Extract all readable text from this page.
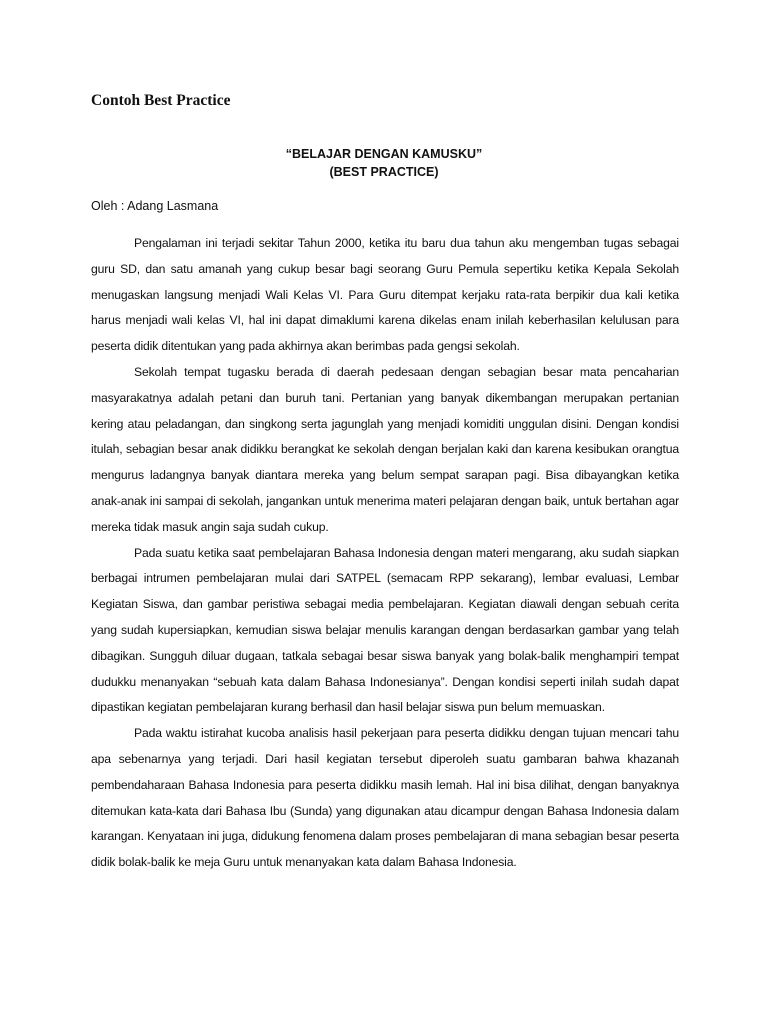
Contoh Best Practice
“BELAJAR DENGAN KAMUSKU”
(BEST PRACTICE)
Oleh : Adang Lasmana

Pengalaman ini terjadi sekitar Tahun 2000, ketika itu baru dua tahun aku mengemban tugas sebagai guru SD, dan satu amanah yang cukup besar bagi seorang Guru Pemula sepertiku ketika Kepala Sekolah menugaskan langsung menjadi Wali Kelas VI. Para Guru ditempat kerjaku rata-rata berpikir dua kali ketika harus menjadi wali kelas VI, hal ini dapat dimaklumi karena dikelas enam inilah keberhasilan kelulusan para peserta didik ditentukan yang pada akhirnya akan berimbas pada gengsi sekolah.

Sekolah tempat tugasku berada di daerah pedesaan dengan sebagian besar mata pencaharian masyarakatnya adalah petani dan buruh tani. Pertanian yang banyak dikembangan merupakan pertanian kering atau peladangan, dan singkong serta jagunglah yang menjadi komiditi unggulan disini. Dengan kondisi itulah, sebagian besar anak didikku berangkat ke sekolah dengan berjalan kaki dan karena kesibukan orangtua mengurus ladangnya banyak diantara mereka yang belum sempat sarapan pagi. Bisa dibayangkan ketika anak-anak ini sampai di sekolah, jangankan untuk menerima materi pelajaran dengan baik, untuk bertahan agar mereka tidak masuk angin saja sudah cukup.

Pada suatu ketika saat pembelajaran Bahasa Indonesia dengan materi mengarang, aku sudah siapkan berbagai intrumen pembelajaran mulai dari SATPEL (semacam RPP sekarang), lembar evaluasi, Lembar Kegiatan Siswa, dan gambar peristiwa sebagai media pembelajaran. Kegiatan diawali dengan sebuah cerita yang sudah kupersiapkan, kemudian siswa belajar menulis karangan dengan berdasarkan gambar yang telah dibagikan. Sungguh diluar dugaan, tatkala sebagai besar siswa banyak yang bolak-balik menghampiri tempat dudukku menanyakan “sebuah kata dalam Bahasa Indonesianya”. Dengan kondisi seperti inilah sudah dapat dipastikan kegiatan pembelajaran kurang berhasil dan hasil belajar siswa pun belum memuaskan.

Pada waktu istirahat kucoba analisis hasil pekerjaan para peserta didikku dengan tujuan mencari tahu apa sebenarnya yang terjadi. Dari hasil kegiatan tersebut diperoleh suatu gambaran bahwa khazanah pembendaharaan Bahasa Indonesia para peserta didikku masih lemah. Hal ini bisa dilihat, dengan banyaknya ditemukan kata-kata dari Bahasa Ibu (Sunda) yang digunakan atau dicampur dengan Bahasa Indonesia dalam karangan. Kenyataan ini juga, didukung fenomena dalam proses pembelajaran di mana sebagian besar peserta didik bolak-balik ke meja Guru untuk menanyakan kata dalam Bahasa Indonesia.
